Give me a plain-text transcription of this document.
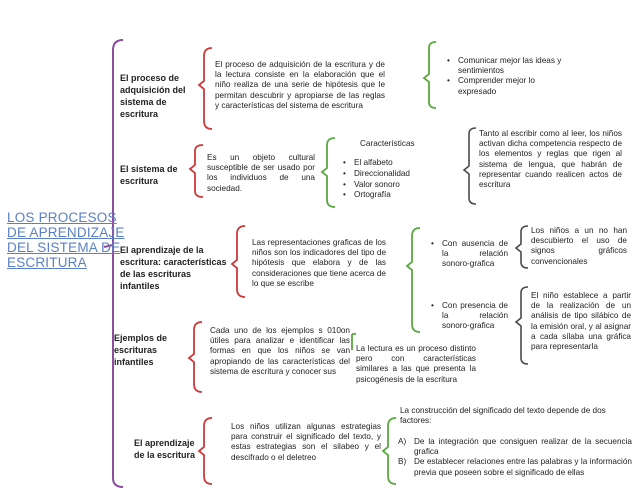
LOS PROCESOS
DE APRENDIZAJE
DEL SISTEMA DE
ESCRITURA

El proceso de adquisición del sistema de escritura

El proceso de adquisición de la escritura y de la lectura consiste en la elaboración que el niño realiza de una serie de hipótesis que le permitan descubrir y apropiarse de las reglas y características del sistema de escritura

• Comunicar mejor las ideas y sentimientos
• Comprender mejor lo expresado

El sistema de escritura

Es un objeto cultural susceptible de ser usado por los individuos de una sociedad.

Características

• El alfabeto
• Direccionalidad
• Valor sonoro
• Ortografía

Tanto al escribir como al leer, los niños activan dicha competencia respecto de los elementos y reglas que rigen al sistema de lengua, que habrán de representar cuando realicen actos de escritura

El aprendizaje de la escritura: características de las escrituras infantiles

Las representaciones graficas de los niños son los indicadores del tipo de hipótesis que elabora y de las consideraciones que tiene acerca de lo que se escribe

• Con ausencia de la relación sonoro-grafica

Los niños a un no han descubierto el uso de signos gráficos convencionales

• Con presencia de la relación sonoro-grafica

El niño establece a partir de la realización de un análisis de tipo silábico de la emisión oral, y al asignar a cada sílaba una gráfica para representarla

Ejemplos de escrituras infantiles

Cada uno de los ejemplos s 010on útiles para analizar e identificar las formas en que los niños se van apropiando de las características del sistema de escritura y conocer sus

La lectura es un proceso distinto pero con características similares a las que presenta la psicogénesis de la escritura

El aprendizaje de la escritura

Los niños utilizan algunas estrategias para construir el significado del texto, y estas estrategias son el silabeo y el descifrado o el deletreo

La construcción del significado del texto depende de dos factores:

A) De la integración que consiguen realizar de la secuencia grafica
B) De establecer relaciones entre las palabras y la información previa que poseen sobre el significado de ellas
